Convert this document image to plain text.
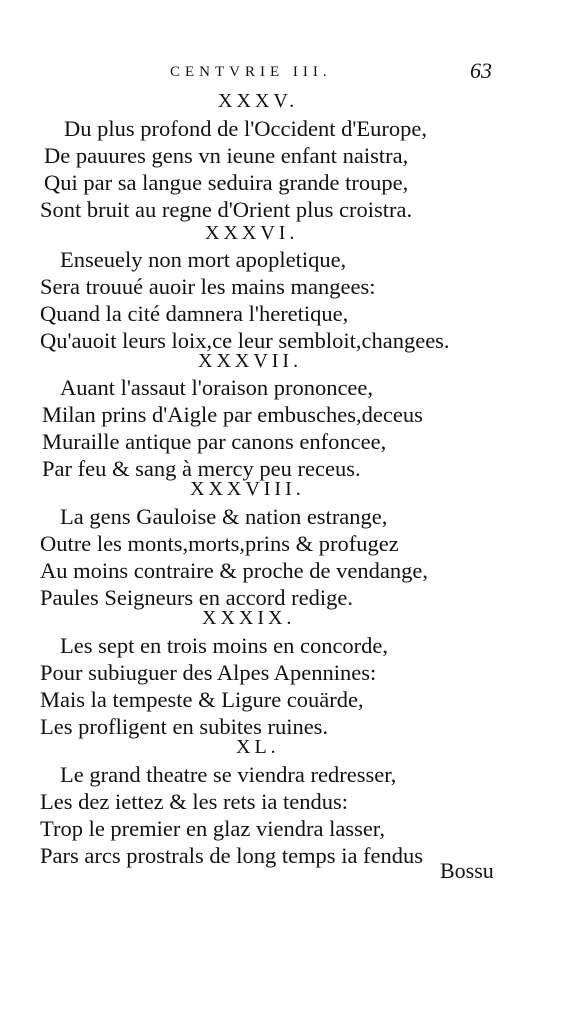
CENTVRIE III.	63
XXXV.
Du plus profond de l'Occident d'Europe,
De pauures gens vn ieune enfant naistra,
Qui par sa langue seduira grande troupe,
Sont bruit au regne d'Orient plus croistra.
XXXVI.
Enseuely non mort apopletique,
Sera trouué auoir les mains mangees:
Quand la cité damnera l'heretique,
Qu'auoit leurs loix,ce leur sembloit,changees.
XXXVII.
Auant l'assaut l'oraison prononcee,
Milan prins d'Aigle par embusches,deceus
Muraille antique par canons enfoncee,
Par feu & sang à mercy peu receus.
XXXVIII.
La gens Gauloise & nation estrange,
Outre les monts,morts,prins & profugez
Au moins contraire & proche de vendange,
Paules Seigneurs en accord redige.
XXXIX.
Les sept en trois moins en concorde,
Pour subiuguer des Alpes Apennines:
Mais la tempeste & Ligure couärde,
Les profligent en subites ruines.
XL.
Le grand theatre se viendra redresser,
Les dez iettez & les rets ia tendus:
Trop le premier en glaz viendra lasser,
Pars arcs prostrals de long temps ia fendus
Bossu
